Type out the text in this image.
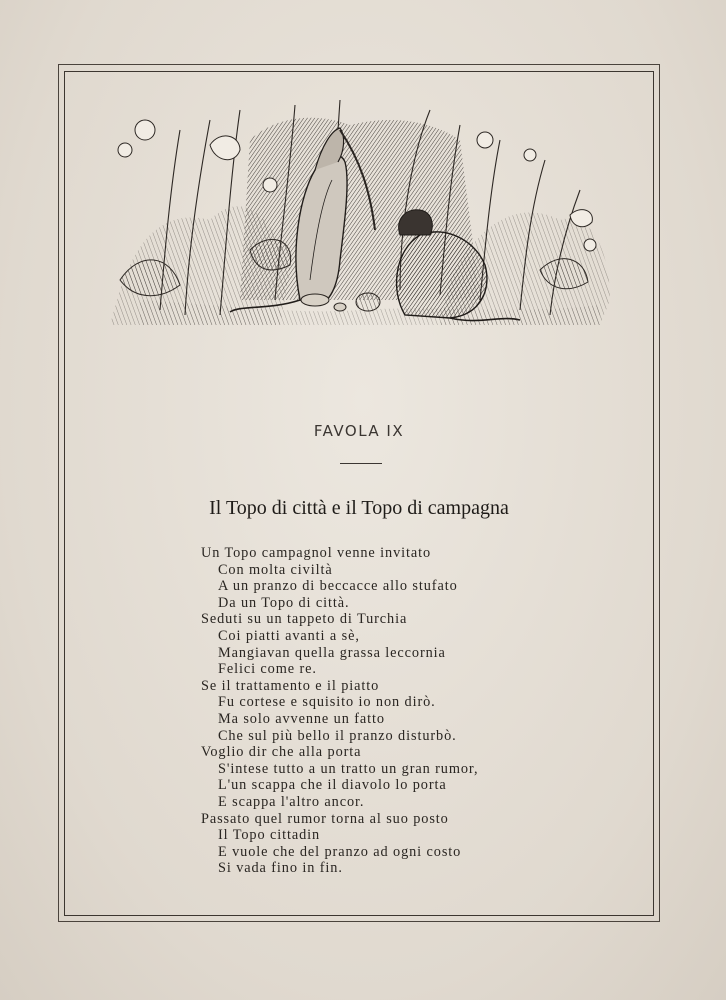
FAVOLA IX
Il Topo di città e il Topo di campagna
Un Topo campagnol venne invitato
Con molta civiltà
A un pranzo di beccacce allo stufato
Da un Topo di città.
Seduti su un tappeto di Turchia
Coi piatti avanti a sè,
Mangiavan quella grassa leccornia
Felici come re.
Se il trattamento e il piatto
Fu cortese e squisito io non dirò.
Ma solo avvenne un fatto
Che sul più bello il pranzo disturbò.
Voglio dir che alla porta
S'intese tutto a un tratto un gran rumor,
L'un scappa che il diavolo lo porta
E scappa l'altro ancor.
Passato quel rumor torna al suo posto
Il Topo cittadin
E vuole che del pranzo ad ogni costo
Si vada fino in fin.
